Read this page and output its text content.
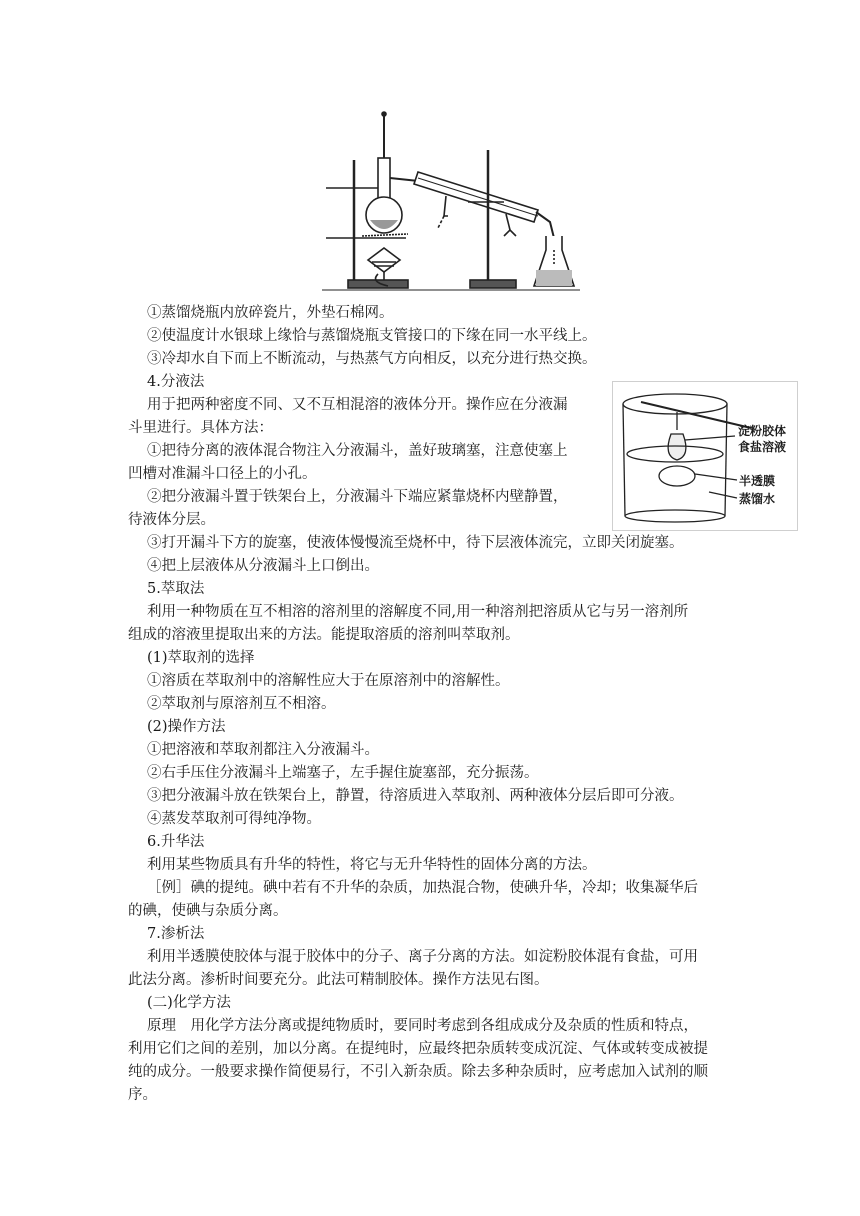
淀粉胶体
食盐溶液
半透膜
蒸馏水
①蒸馏烧瓶内放碎瓷片，外垫石棉网。
②使温度计水银球上缘恰与蒸馏烧瓶支管接口的下缘在同一水平线上。
③冷却水自下而上不断流动，与热蒸气方向相反，以充分进行热交换。
4.分液法
用于把两种密度不同、又不互相混溶的液体分开。操作应在分液漏
斗里进行。具体方法：
①把待分离的液体混合物注入分液漏斗，盖好玻璃塞，注意使塞上
凹槽对准漏斗口径上的小孔。
②把分液漏斗置于铁架台上，分液漏斗下端应紧靠烧杯内壁静置，
待液体分层。
③打开漏斗下方的旋塞，使液体慢慢流至烧杯中，待下层液体流完，立即关闭旋塞。
④把上层液体从分液漏斗上口倒出。
5.萃取法
利用一种物质在互不相溶的溶剂里的溶解度不同,用一种溶剂把溶质从它与另一溶剂所
组成的溶液里提取出来的方法。能提取溶质的溶剂叫萃取剂。
(1)萃取剂的选择
①溶质在萃取剂中的溶解性应大于在原溶剂中的溶解性。
②萃取剂与原溶剂互不相溶。
(2)操作方法
①把溶液和萃取剂都注入分液漏斗。
②右手压住分液漏斗上端塞子，左手握住旋塞部，充分振荡。
③把分液漏斗放在铁架台上，静置，待溶质进入萃取剂、两种液体分层后即可分液。
④蒸发萃取剂可得纯净物。
6.升华法
利用某些物质具有升华的特性，将它与无升华特性的固体分离的方法。
［例］碘的提纯。碘中若有不升华的杂质，加热混合物，使碘升华，冷却；收集凝华后
的碘，使碘与杂质分离。
7.渗析法
利用半透膜使胶体与混于胶体中的分子、离子分离的方法。如淀粉胶体混有食盐，可用
此法分离。渗析时间要充分。此法可精制胶体。操作方法见右图。
(二)化学方法
原理　用化学方法分离或提纯物质时，要同时考虑到各组成成分及杂质的性质和特点，
利用它们之间的差别，加以分离。在提纯时，应最终把杂质转变成沉淀、气体或转变成被提
纯的成分。一般要求操作简便易行，不引入新杂质。除去多种杂质时，应考虑加入试剂的顺
序。
